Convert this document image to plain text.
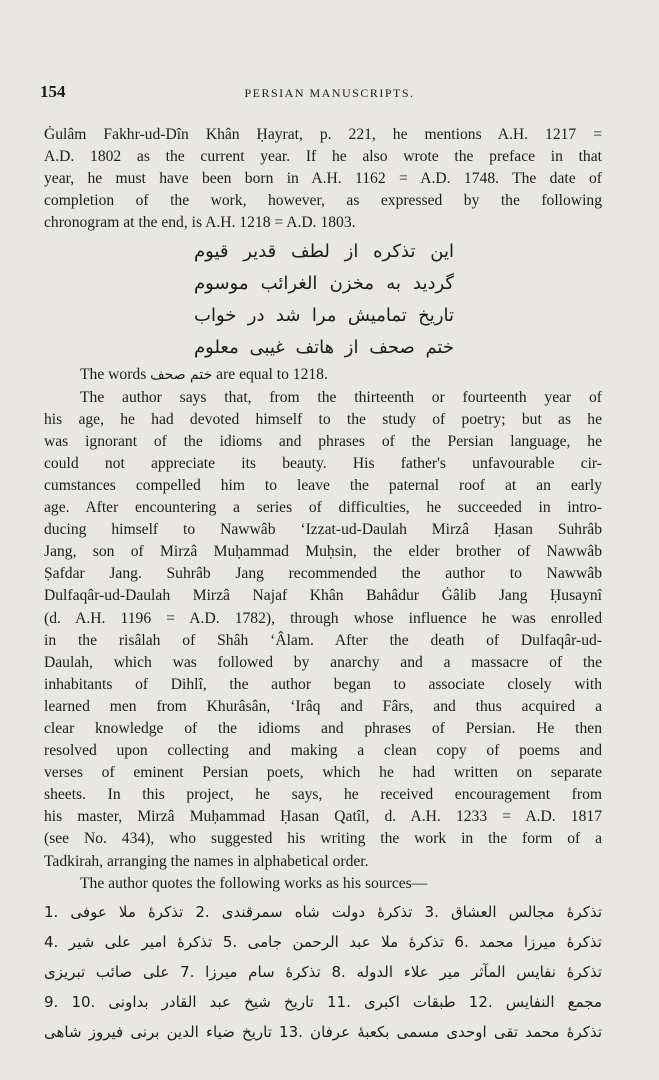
154	PERSIAN MANUSCRIPTS.
Ġulâm Fakhr-ud-Dîn Khân Ḥayrat, p. 221, he mentions A.H. 1217 =
A.D. 1802 as the current year. If he also wrote the preface in that
year, he must have been born in A.H. 1162 = A.D. 1748. The date of
completion of the work, however, as expressed by the following
chronogram at the end, is A.H. 1218 = A.D. 1803.
این تذکره از لطف قدیر قیوم
گردید به مخزن الغرائب موسوم
تاریخ تمامیش مرا شد در خواب
ختم صحف از هاتف غیبی معلوم
The words ختم صحف are equal to 1218.
The author says that, from the thirteenth or fourteenth year of
his age, he had devoted himself to the study of poetry; but as he
was ignorant of the idioms and phrases of the Persian language, he
could not appreciate its beauty. His father's unfavourable cir-
cumstances compelled him to leave the paternal roof at an early
age. After encountering a series of difficulties, he succeeded in intro-
ducing himself to Nawwâb ‘Izzat-ud-Daulah Mirzâ Ḥasan Suhrâb
Jang, son of Mirzâ Muḥammad Muḥsin, the elder brother of Nawwâb
Ṣafdar Jang. Suhrâb Jang recommended the author to Nawwâb
Dulfaqâr-ud-Daulah Mirzâ Najaf Khân Bahâdur Ġâlib Jang Ḥusaynî
(d. A.H. 1196 = A.D. 1782), through whose influence he was enrolled
in the risâlah of Shâh ‘Âlam. After the death of Dulfaqâr-ud-
Daulah, which was followed by anarchy and a massacre of the
inhabitants of Dihlî, the author began to associate closely with
learned men from Khurâsân, ‘Irâq and Fârs, and thus acquired a
clear knowledge of the idioms and phrases of Persian. He then
resolved upon collecting and making a clean copy of poems and
verses of eminent Persian poets, which he had written on separate
sheets. In this project, he says, he received encouragement from
his master, Mirzâ Muḥammad Ḥasan Qatîl, d. A.H. 1233 = A.D. 1817
(see No. 434), who suggested his writing the work in the form of a
Tadkirah, arranging the names in alphabetical order.
The author quotes the following works as his sources—
تذکرهٔ مجالس العشاق .3 تذکرهٔ دولت شاه سمرقندی .2 تذکرهٔ ملا عوفی .1
تذکرهٔ میرزا محمد .6 تذکرهٔ ملا عبد الرحمن جامی .5 تذکرهٔ امیر علی شیر .4
تذکرهٔ نفایس المآثر میر علاء الدوله .8 تذکرهٔ سام میرزا .7 علی صائب تبریزی
مجمع النفایس .12 طبقات اکبری .11 تاریخ شیخ عبد القادر بداونی .10 .9
تذکرهٔ محمد تقی اوحدی مسمی بکعبهٔ عرفان .13 تاریخ ضیاء الدین برنی فیروز شاهی
